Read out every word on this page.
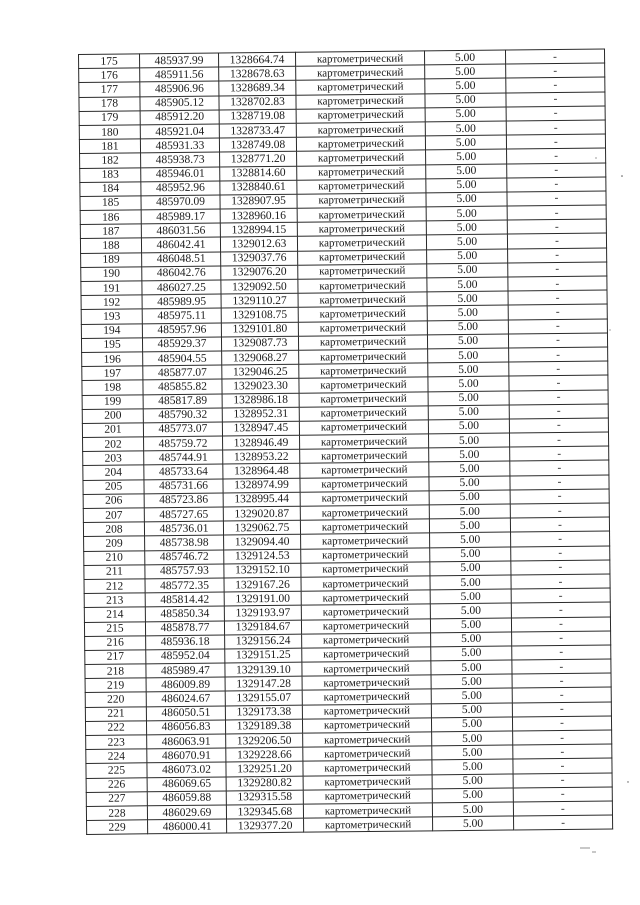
175	485937.99	1328664.74	картометрический	5.00	-
176	485911.56	1328678.63	картометрический	5.00	-
177	485906.96	1328689.34	картометрический	5.00	-
178	485905.12	1328702.83	картометрический	5.00	-
179	485912.20	1328719.08	картометрический	5.00	-
180	485921.04	1328733.47	картометрический	5.00	-
181	485931.33	1328749.08	картометрический	5.00	-
182	485938.73	1328771.20	картометрический	5.00	-
183	485946.01	1328814.60	картометрический	5.00	-
184	485952.96	1328840.61	картометрический	5.00	-
185	485970.09	1328907.95	картометрический	5.00	-
186	485989.17	1328960.16	картометрический	5.00	-
187	486031.56	1328994.15	картометрический	5.00	-
188	486042.41	1329012.63	картометрический	5.00	-
189	486048.51	1329037.76	картометрический	5.00	-
190	486042.76	1329076.20	картометрический	5.00	-
191	486027.25	1329092.50	картометрический	5.00	-
192	485989.95	1329110.27	картометрический	5.00	-
193	485975.11	1329108.75	картометрический	5.00	-
194	485957.96	1329101.80	картометрический	5.00	-
195	485929.37	1329087.73	картометрический	5.00	-
196	485904.55	1329068.27	картометрический	5.00	-
197	485877.07	1329046.25	картометрический	5.00	-
198	485855.82	1329023.30	картометрический	5.00	-
199	485817.89	1328986.18	картометрический	5.00	-
200	485790.32	1328952.31	картометрический	5.00	-
201	485773.07	1328947.45	картометрический	5.00	-
202	485759.72	1328946.49	картометрический	5.00	-
203	485744.91	1328953.22	картометрический	5.00	-
204	485733.64	1328964.48	картометрический	5.00	-
205	485731.66	1328974.99	картометрический	5.00	-
206	485723.86	1328995.44	картометрический	5.00	-
207	485727.65	1329020.87	картометрический	5.00	-
208	485736.01	1329062.75	картометрический	5.00	-
209	485738.98	1329094.40	картометрический	5.00	-
210	485746.72	1329124.53	картометрический	5.00	-
211	485757.93	1329152.10	картометрический	5.00	-
212	485772.35	1329167.26	картометрический	5.00	-
213	485814.42	1329191.00	картометрический	5.00	-
214	485850.34	1329193.97	картометрический	5.00	-
215	485878.77	1329184.67	картометрический	5.00	-
216	485936.18	1329156.24	картометрический	5.00	-
217	485952.04	1329151.25	картометрический	5.00	-
218	485989.47	1329139.10	картометрический	5.00	-
219	486009.89	1329147.28	картометрический	5.00	-
220	486024.67	1329155.07	картометрический	5.00	-
221	486050.51	1329173.38	картометрический	5.00	-
222	486056.83	1329189.38	картометрический	5.00	-
223	486063.91	1329206.50	картометрический	5.00	-
224	486070.91	1329228.66	картометрический	5.00	-
225	486073.02	1329251.20	картометрический	5.00	-
226	486069.65	1329280.82	картометрический	5.00	-
227	486059.88	1329315.58	картометрический	5.00	-
228	486029.69	1329345.68	картометрический	5.00	-
229	486000.41	1329377.20	картометрический	5.00	-
